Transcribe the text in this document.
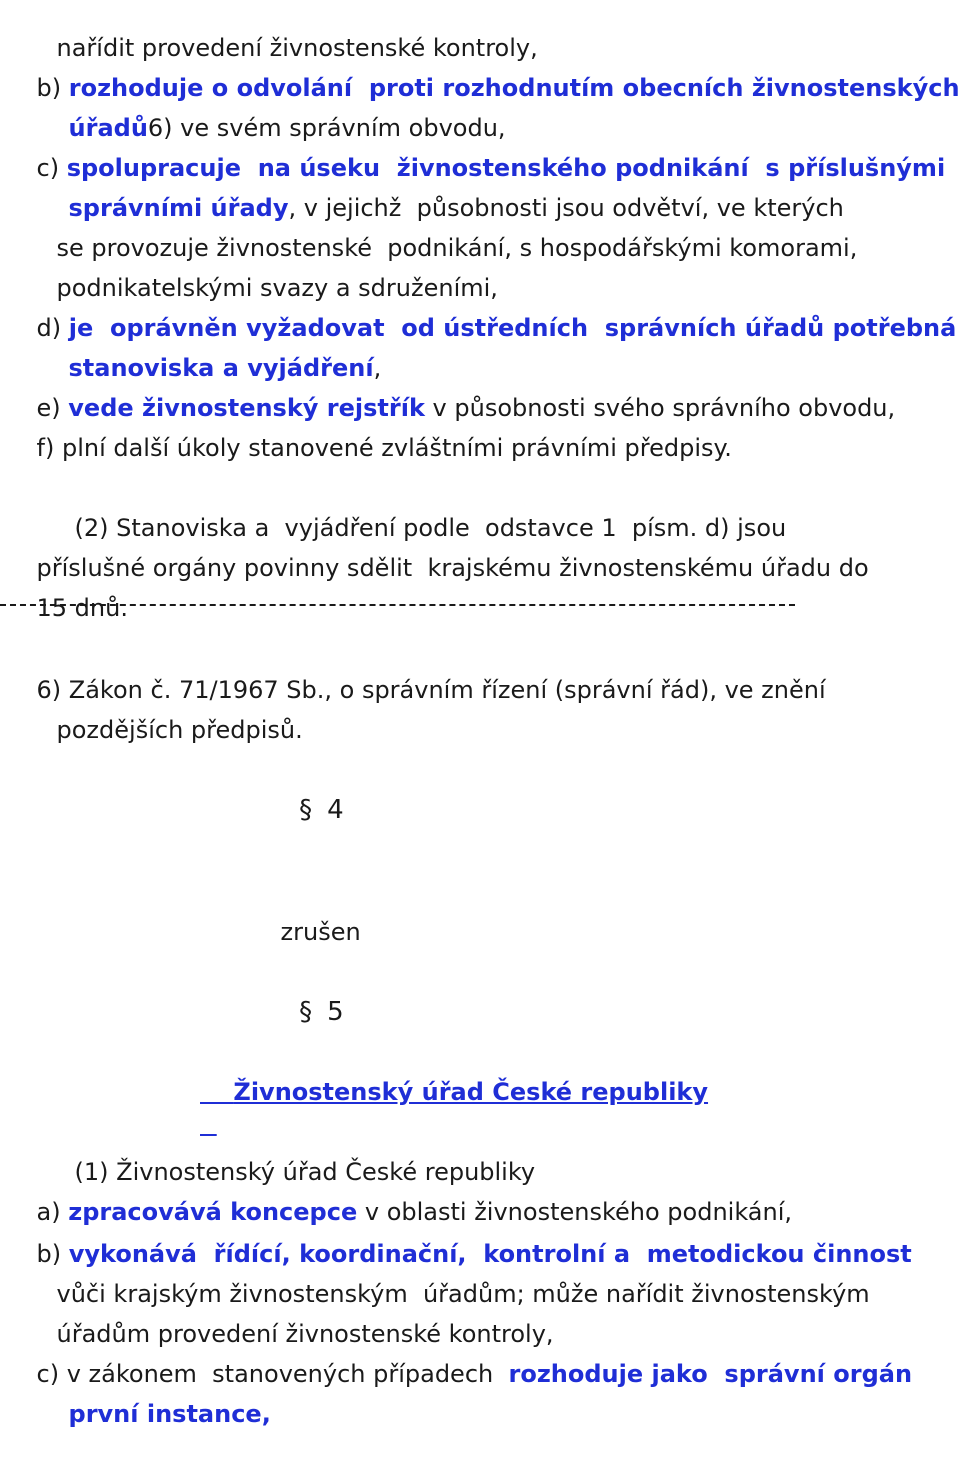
nařídit provedení živnostenské kontroly,

b) rozhoduje o odvolání  proti rozhodnutím obecních živnostenských

úřadů6) ve svém správním obvodu,

c) spolupracuje  na úseku  živnostenského podnikání  s příslušnými

správními úřady, v jejichž  působnosti jsou odvětví, ve kterých

se provozuje živnostenské  podnikání, s hospodářskými komorami,

podnikatelskými svazy a sdruženími,

d) je  oprávněn vyžadovat  od ústředních  správních úřadů potřebná

stanoviska a vyjádření,

e) vede živnostenský rejstřík v působnosti svého správního obvodu,

f) plní další úkoly stanovené zvláštními právními předpisy.

(2) Stanoviska a  vyjádření podle  odstavce 1  písm. d) jsou

příslušné orgány povinny sdělit  krajskému živnostenskému úřadu do

15 dnů.

6) Zákon č. 71/1967 Sb., o správním řízení (správní řád), ve znění

pozdějších předpisů.

§ 4

zrušen

§ 5

Živnostenský úřad České republiky

(1) Živnostenský úřad České republiky

a) zpracovává koncepce v oblasti živnostenského podnikání,

b) vykonává  řídící, koordinační,  kontrolní a  metodickou činnost

vůči krajským živnostenským  úřadům; může nařídit živnostenským

úřadům provedení živnostenské kontroly,

c) v zákonem  stanovených případech  rozhoduje jako  správní orgán

první instance,
